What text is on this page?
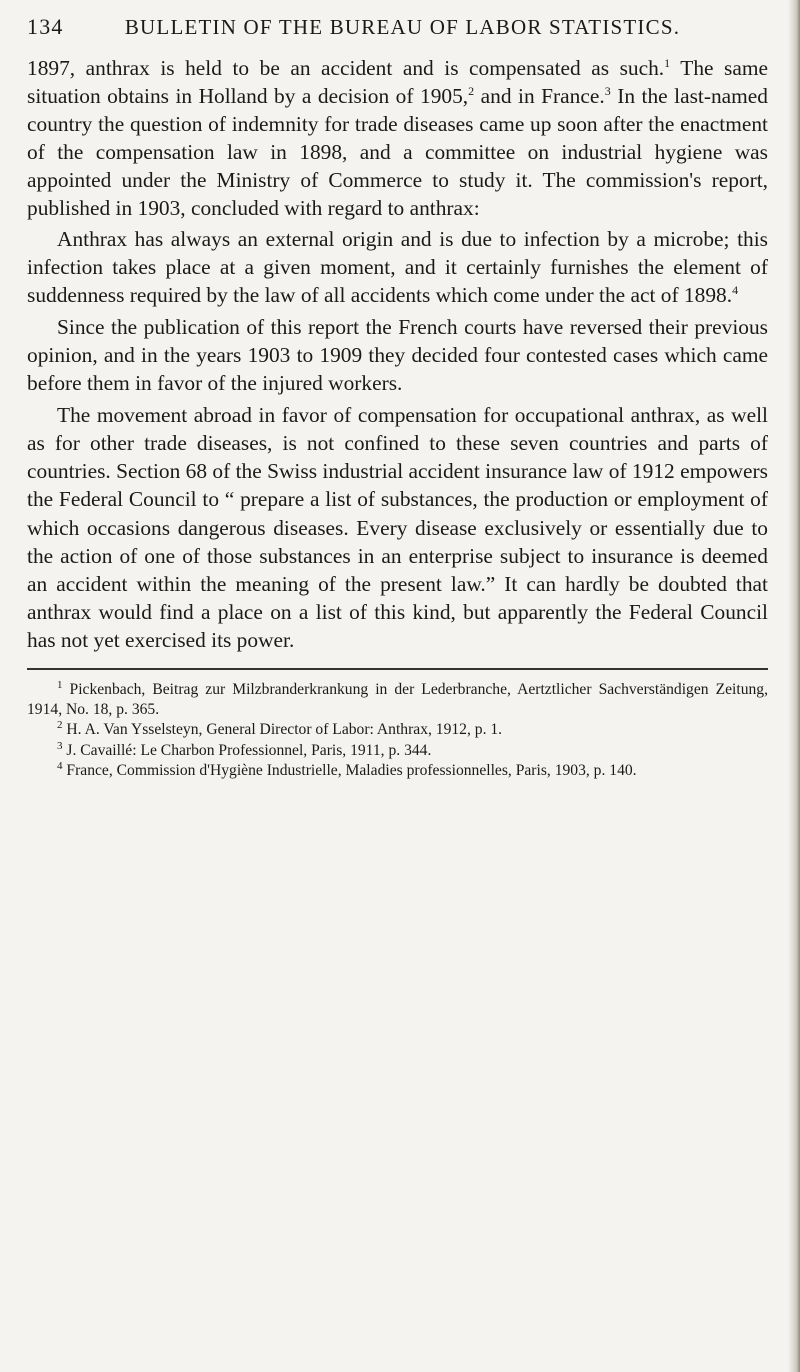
134	BULLETIN OF THE BUREAU OF LABOR STATISTICS.

1897, anthrax is held to be an accident and is compensated as such.$^1$ The same situation obtains in Holland by a decision of 1905,$^2$ and in France.$^3$ In the last-named country the question of indemnity for trade diseases came up soon after the enactment of the compensation law in 1898, and a committee on industrial hygiene was appointed under the Ministry of Commerce to study it. The commission's report, published in 1903, concluded with regard to anthrax:

Anthrax has always an external origin and is due to infection by a microbe; this infection takes place at a given moment, and it certainly furnishes the element of suddenness required by the law of all accidents which come under the act of 1898.$^4$

Since the publication of this report the French courts have reversed their previous opinion, and in the years 1903 to 1909 they decided four contested cases which came before them in favor of the injured workers.

The movement abroad in favor of compensation for occupational anthrax, as well as for other trade diseases, is not confined to these seven countries and parts of countries. Section 68 of the Swiss industrial accident insurance law of 1912 empowers the Federal Council to “ prepare a list of substances, the production or employment of which occasions dangerous diseases. Every disease exclusively or essentially due to the action of one of those substances in an enterprise subject to insurance is deemed an accident within the meaning of the present law.” It can hardly be doubted that anthrax would find a place on a list of this kind, but apparently the Federal Council has not yet exercised its power.

$^1$ Pickenbach, Beitrag zur Milzbranderkrankung in der Lederbranche, Aertztlicher Sachverständigen Zeitung, 1914, No. 18, p. 365.

$^2$ H. A. Van Ysselsteyn, General Director of Labor: Anthrax, 1912, p. 1.

$^3$ J. Cavaillé: Le Charbon Professionnel, Paris, 1911, p. 344.

$^4$ France, Commission d'Hygiène Industrielle, Maladies professionnelles, Paris, 1903, p. 140.
